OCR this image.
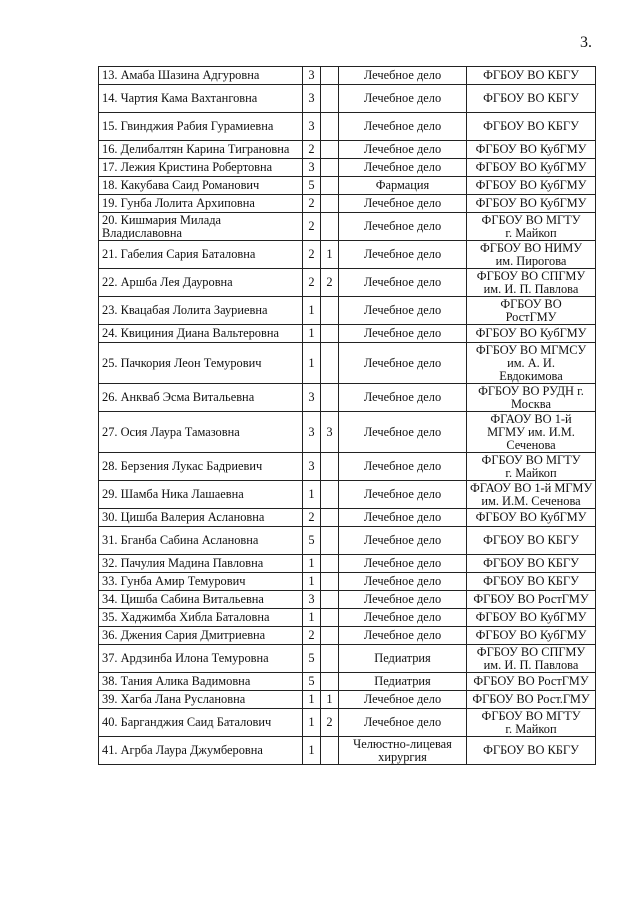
3.
13. Амаба Шазина Адгуровна	3		Лечебное дело	ФГБОУ ВО КБГУ

14. Чартия Кама Вахтанговна	3		Лечебное дело	ФГБОУ ВО КБГУ

15. Гвинджия Рабия Гурамиевна	3		Лечебное дело	ФГБОУ ВО КБГУ

16. Делибалтян Карина Тиграновна	2		Лечебное дело	ФГБОУ ВО КубГМУ

17. Лежия Кристина Робертовна	3		Лечебное дело	ФГБОУ ВО КубГМУ

18. Какубава Саид Романович	5		Фармация	ФГБОУ ВО КубГМУ

19. Гунба Лолита Архиповна	2		Лечебное дело	ФГБОУ ВО КубГМУ

20. Кишмария Милада Владиславовна	2		Лечебное дело	ФГБОУ ВО МГТУ
г. Майкоп

21. Габелия Сария Баталовна	2	1	Лечебное дело	ФГБОУ ВО НИМУ
им. Пирогова

22. Аршба Лея Дауровна	2	2	Лечебное дело	ФГБОУ ВО СПГМУ
им. И. П. Павлова

23. Квацабая Лолита Зауриевна	1		Лечебное дело	ФГБОУ ВО
РостГМУ

24. Квициния Диана Вальтеровна	1		Лечебное дело	ФГБОУ ВО КубГМУ

25. Пачкория Леон Темурович	1		Лечебное дело	ФГБОУ ВО МГМСУ
им. А. И.
Евдокимова

26. Анкваб Эсма Витальевна	3		Лечебное дело	ФГБОУ ВО РУДН г.
Москва

27. Осия Лаура Тамазовна	3	3	Лечебное дело	ФГАОУ ВО 1-й
МГМУ им. И.М.
Сеченова

28. Берзения Лукас Бадриевич	3		Лечебное дело	ФГБОУ ВО МГТУ
г. Майкоп

29. Шамба Ника Лашаевна	1		Лечебное дело	ФГАОУ ВО 1-й МГМУ
им. И.М. Сеченова

30. Цишба Валерия Аслановна	2		Лечебное дело	ФГБОУ ВО КубГМУ

31. Бганба Сабина Аслановна	5		Лечебное дело	ФГБОУ ВО КБГУ

32. Пачулия Мадина Павловна	1		Лечебное дело	ФГБОУ ВО КБГУ

33. Гунба Амир Темурович	1		Лечебное дело	ФГБОУ ВО КБГУ

34. Цишба Сабина Витальевна	3		Лечебное дело	ФГБОУ ВО РостГМУ

35. Хаджимба Хибла Баталовна	1		Лечебное дело	ФГБОУ ВО КубГМУ

36. Джения Сария Дмитриевна	2		Лечебное дело	ФГБОУ ВО КубГМУ

37. Ардзинба Илона Темуровна	5		Педиатрия	ФГБОУ ВО СПГМУ
им. И. П. Павлова

38. Тания Алика Вадимовна	5		Педиатрия	ФГБОУ ВО РостГМУ

39. Хагба Лана Руслановна	1	1	Лечебное дело	ФГБОУ ВО Рост.ГМУ

40. Барганджия Саид Баталович	1	2	Лечебное дело	ФГБОУ ВО МГТУ
г. Майкоп

41. Агрба Лаура Джумберовна	1		Челюстно-лицевая хирургия	ФГБОУ ВО КБГУ
